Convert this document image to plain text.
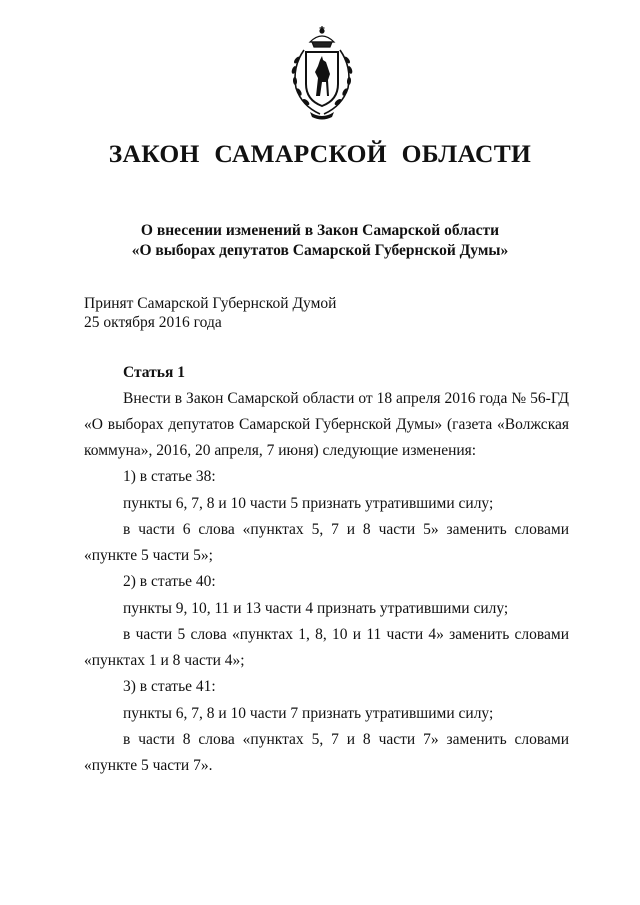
ЗАКОН САМАРСКОЙ ОБЛАСТИ
О внесении изменений в Закон Самарской области
«О выборах депутатов Самарской Губернской Думы»
Принят Самарской Губернской Думой
25 октября 2016 года
Статья 1
Внести в Закон Самарской области от 18 апреля 2016 года № 56-ГД
«О выборах депутатов Самарской Губернской Думы» (газета «Волжская
коммуна», 2016, 20 апреля, 7 июня) следующие изменения:
1) в статье 38:
пункты 6, 7, 8 и 10 части 5 признать утратившими силу;
в части 6 слова «пунктах 5, 7 и 8 части 5» заменить словами
«пункте 5 части 5»;
2) в статье 40:
пункты 9, 10, 11 и 13 части 4 признать утратившими силу;
в части 5 слова «пунктах 1, 8, 10 и 11 части 4» заменить словами
«пунктах 1 и 8 части 4»;
3) в статье 41:
пункты 6, 7, 8 и 10 части 7 признать утратившими силу;
в части 8 слова «пунктах 5, 7 и 8 части 7» заменить словами
«пункте 5 части 7».
